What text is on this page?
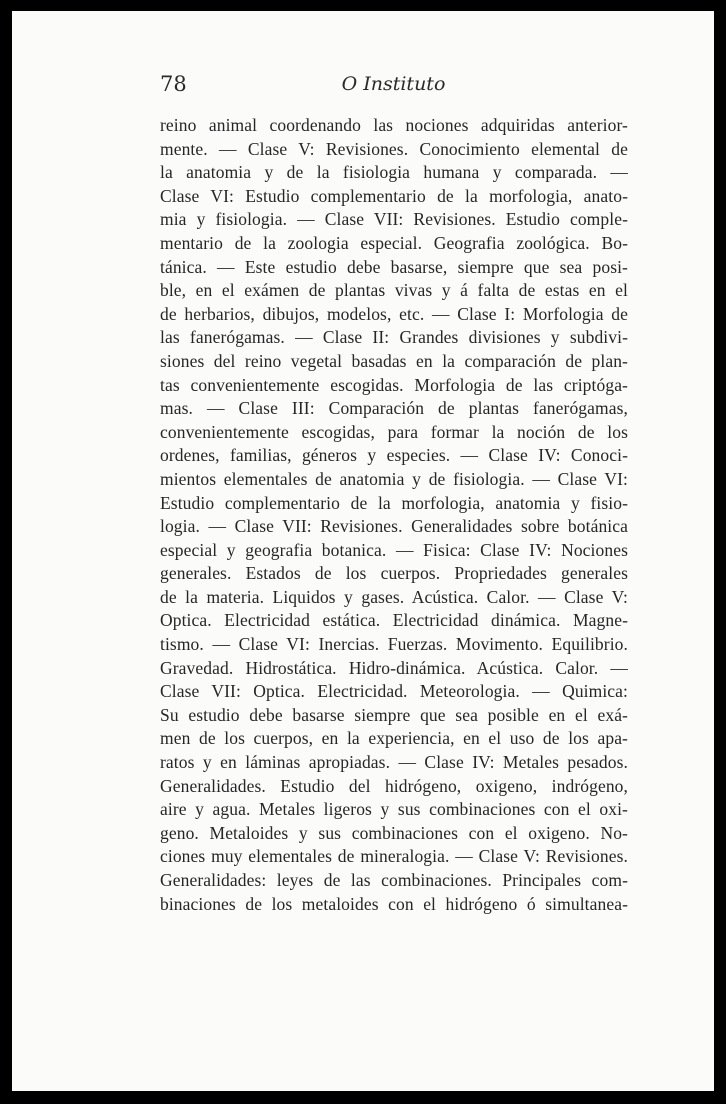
78	O Instituto
reino animal coordenando las nociones adquiridas anterior-
mente. — Clase V: Revisiones. Conocimiento elemental de
la anatomia y de la fisiologia humana y comparada. —
Clase VI: Estudio complementario de la morfologia, anato-
mia y fisiologia. — Clase VII: Revisiones. Estudio comple-
mentario de la zoologia especial. Geografia zoológica. Bo-
tánica. — Este estudio debe basarse, siempre que sea posi-
ble, en el exámen de plantas vivas y á falta de estas en el
de herbarios, dibujos, modelos, etc. — Clase I: Morfologia de
las fanerógamas. — Clase II: Grandes divisiones y subdivi-
siones del reino vegetal basadas en la comparación de plan-
tas convenientemente escogidas. Morfologia de las criptóga-
mas. — Clase III: Comparación de plantas fanerógamas,
convenientemente escogidas, para formar la noción de los
ordenes, familias, géneros y especies. — Clase IV: Conoci-
mientos elementales de anatomia y de fisiologia. — Clase VI:
Estudio complementario de la morfologia, anatomia y fisio-
logia. — Clase VII: Revisiones. Generalidades sobre botánica
especial y geografia botanica. — Fisica: Clase IV: Nociones
generales. Estados de los cuerpos. Propriedades generales
de la materia. Liquidos y gases. Acústica. Calor. — Clase V:
Optica. Electricidad estática. Electricidad dinámica. Magne-
tismo. — Clase VI: Inercias. Fuerzas. Movimento. Equilibrio.
Gravedad. Hidrostática. Hidro-dinámica. Acústica. Calor. —
Clase VII: Optica. Electricidad. Meteorologia. — Quimica:
Su estudio debe basarse siempre que sea posible en el exá-
men de los cuerpos, en la experiencia, en el uso de los apa-
ratos y en láminas apropiadas. — Clase IV: Metales pesados.
Generalidades. Estudio del hidrógeno, oxigeno, indrógeno,
aire y agua. Metales ligeros y sus combinaciones con el oxi-
geno. Metaloides y sus combinaciones con el oxigeno. No-
ciones muy elementales de mineralogia. — Clase V: Revisiones.
Generalidades: leyes de las combinaciones. Principales com-
binaciones de los metaloides con el hidrógeno ó simultanea-
